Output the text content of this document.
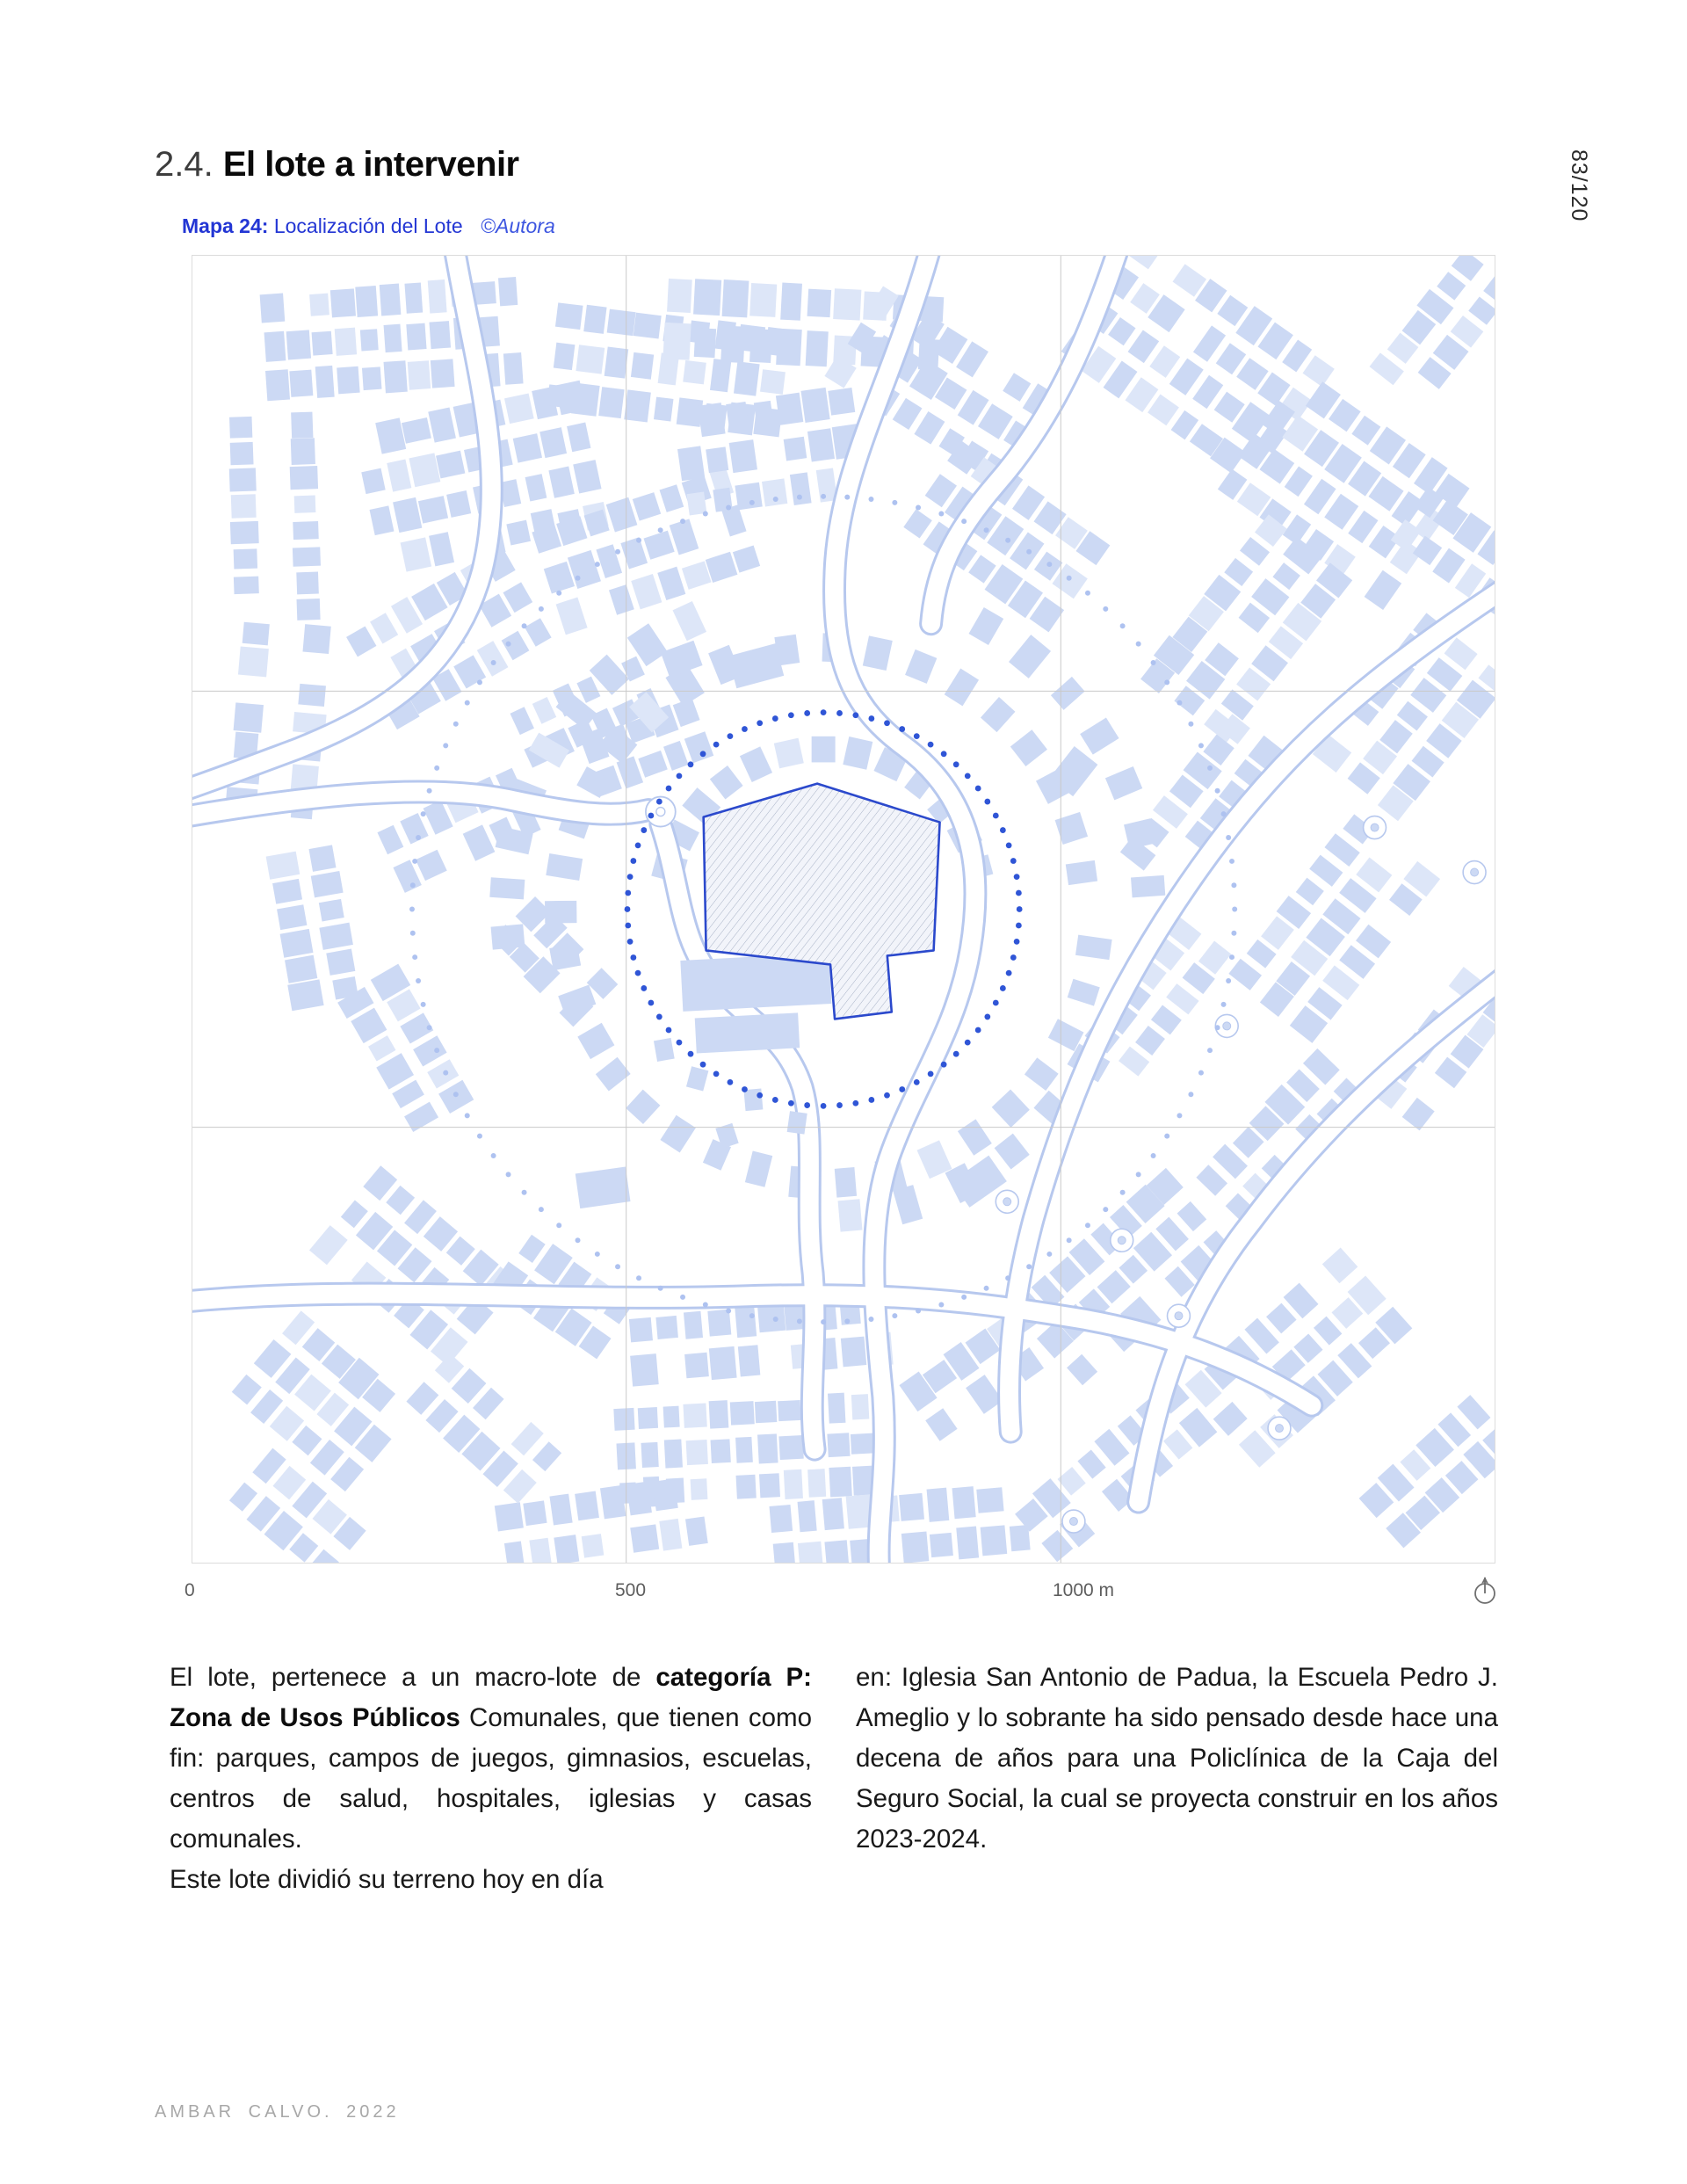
2.4. El lote a intervenir	83/120
Mapa 24: Localización del Lote ©Autora
0	500	1000 m

El lote, pertenece a un macro-lote de categoría P: Zona de Usos Públicos Comunales, que tienen como fin: parques, campos de juegos, gimnasios, escuelas, centros de salud, hospitales, iglesias y casas comunales.

Este lote dividió su terreno hoy en día

en: Iglesia San Antonio de Padua, la Escuela Pedro J. Ameglio y lo sobrante ha sido pensado desde hace una decena de años para una Policlínica de la Caja del Seguro Social, la cual se proyecta construir en los años 2023-2024.

AMBAR CALVO. 2022
